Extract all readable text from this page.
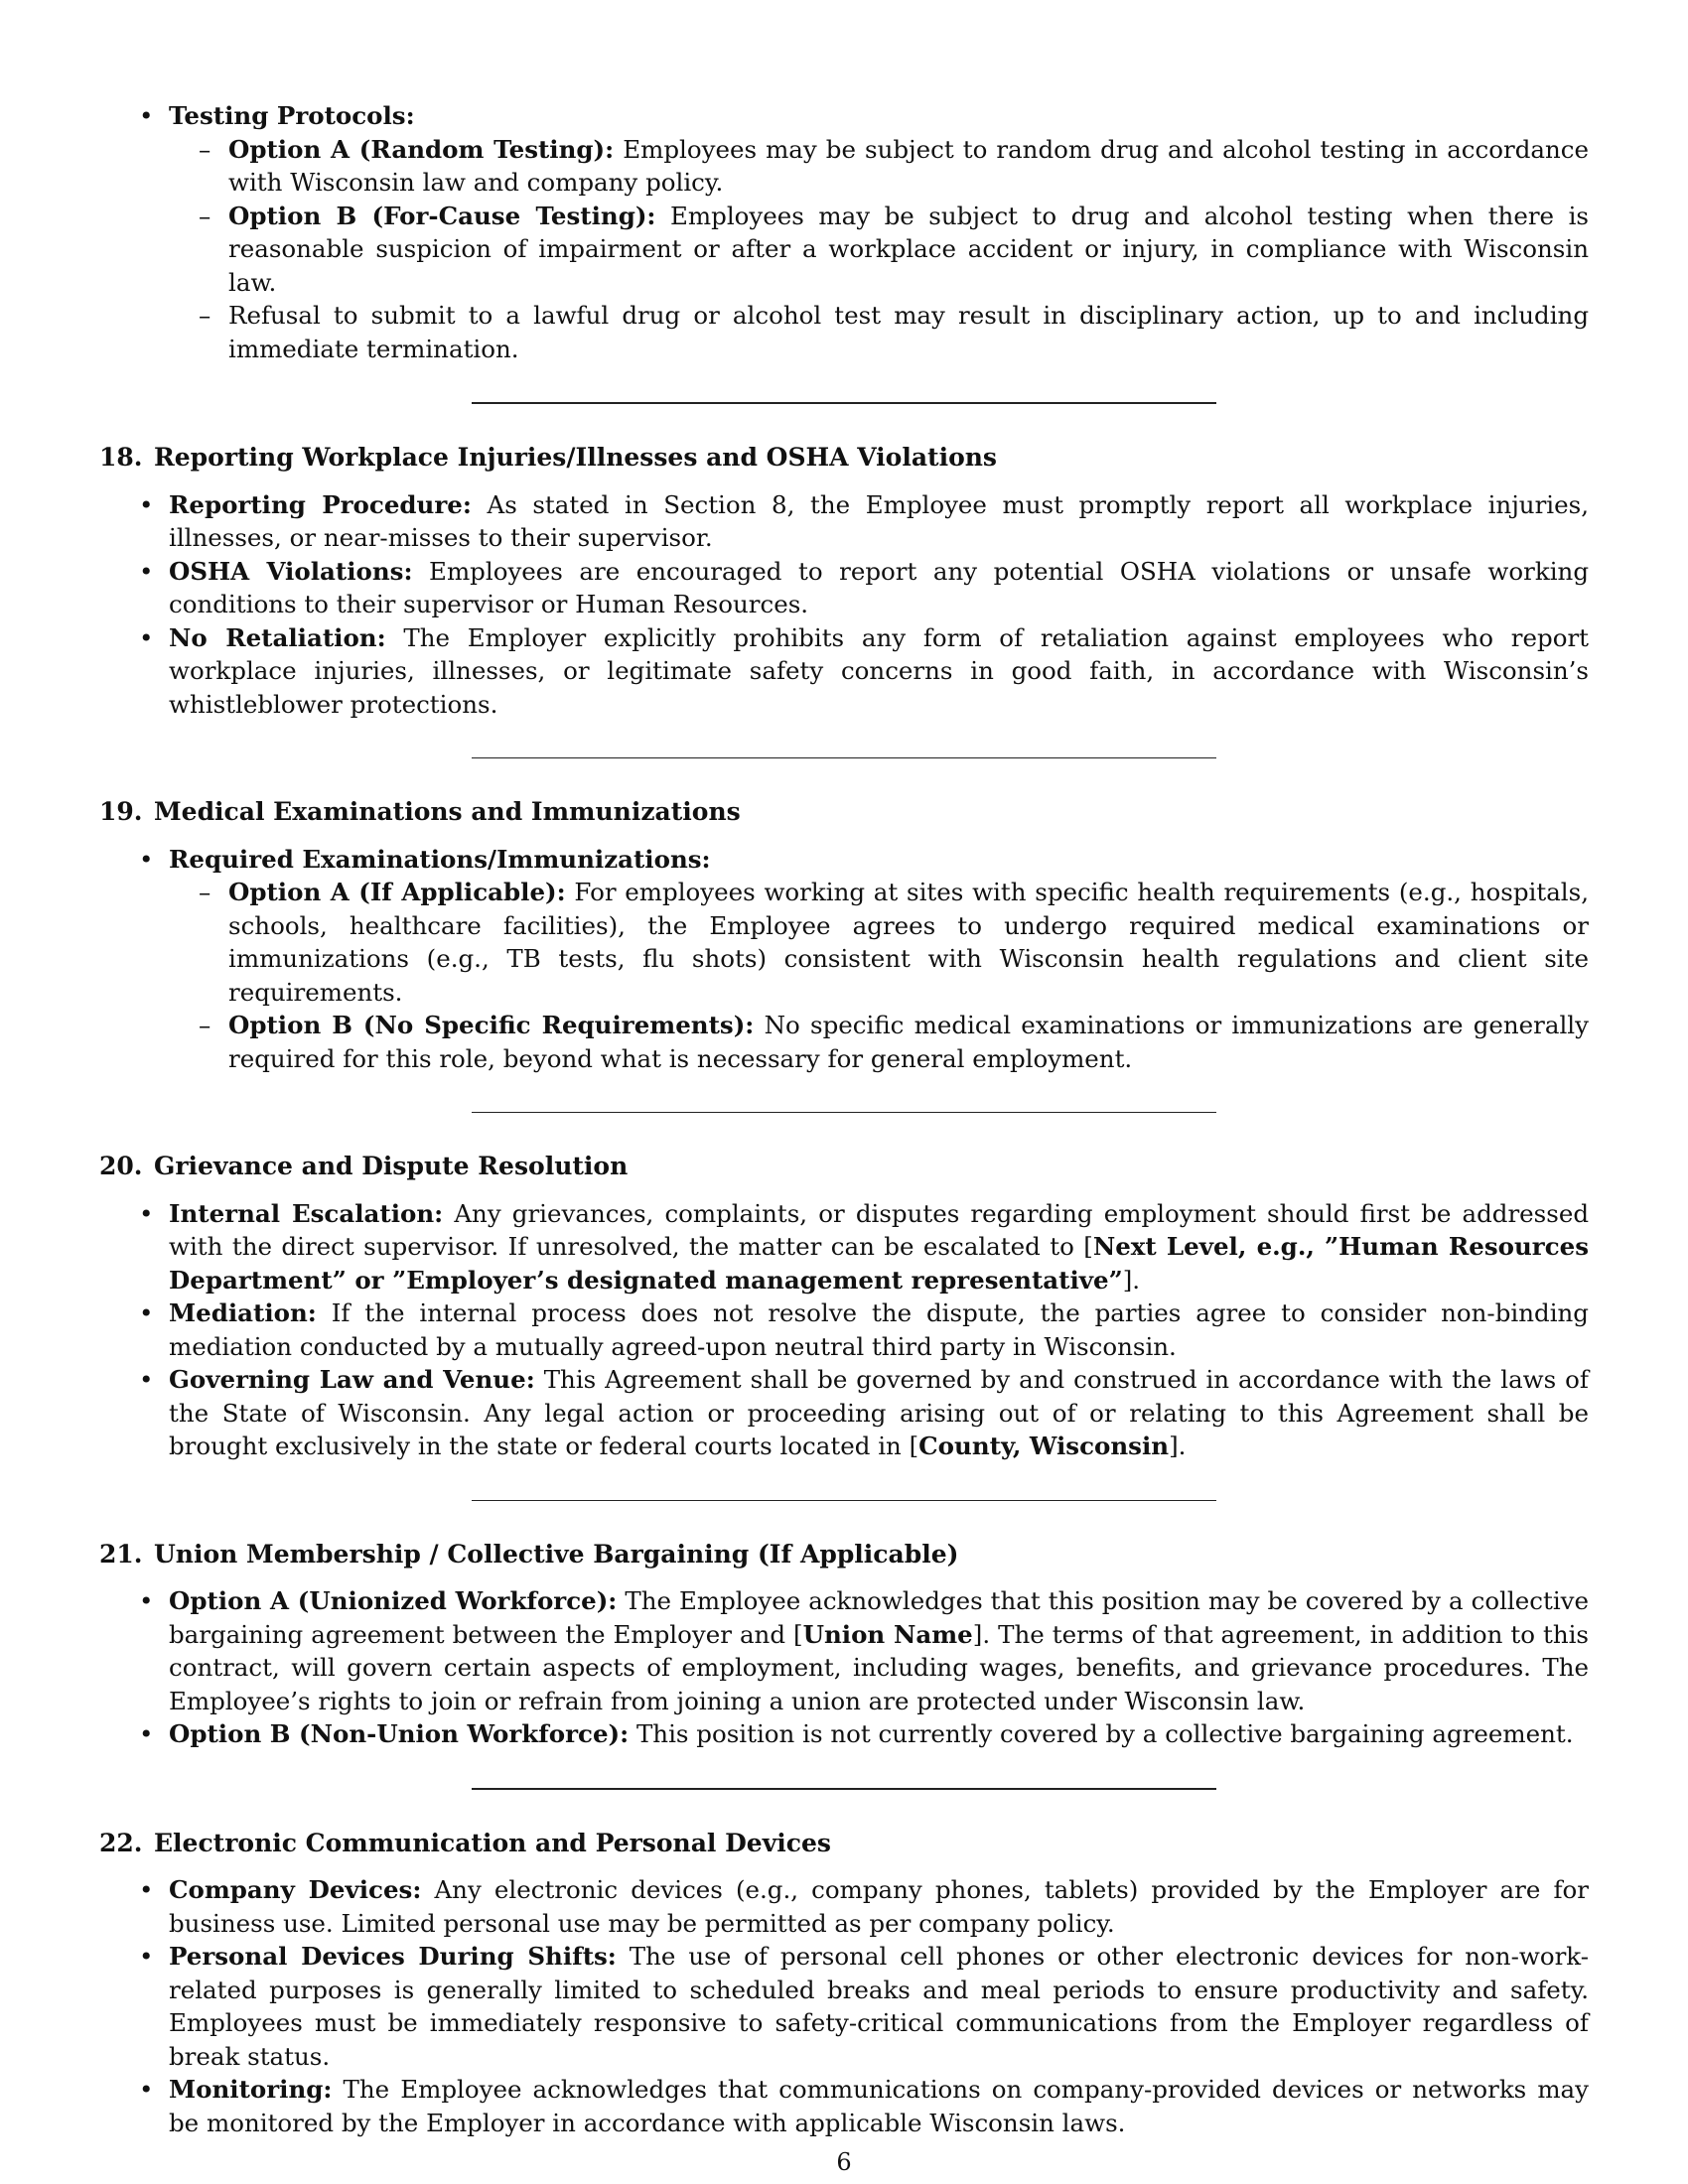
• Testing Protocols:
– Option A (Random Testing): Employees may be subject to random drug and alcohol testing in accordance with Wisconsin law and company policy.
– Option B (For-Cause Testing): Employees may be subject to drug and alcohol testing when there is reasonable suspicion of impairment or after a workplace accident or injury, in compliance with Wisconsin law.
– Refusal to submit to a lawful drug or alcohol test may result in disciplinary action, up to and including immediate termination.
18. Reporting Workplace Injuries/Illnesses and OSHA Violations
• Reporting Procedure: As stated in Section 8, the Employee must promptly report all workplace injuries, illnesses, or near-misses to their supervisor.
• OSHA Violations: Employees are encouraged to report any potential OSHA violations or unsafe working conditions to their supervisor or Human Resources.
• No Retaliation: The Employer explicitly prohibits any form of retaliation against employees who report workplace injuries, illnesses, or legitimate safety concerns in good faith, in accordance with Wisconsin’s whistleblower protections.
19. Medical Examinations and Immunizations
• Required Examinations/Immunizations:
– Option A (If Applicable): For employees working at sites with specific health requirements (e.g., hospitals, schools, healthcare facilities), the Employee agrees to undergo required medical examinations or immunizations (e.g., TB tests, flu shots) consistent with Wisconsin health regulations and client site requirements.
– Option B (No Specific Requirements): No specific medical examinations or immunizations are generally required for this role, beyond what is necessary for general employment.
20. Grievance and Dispute Resolution
• Internal Escalation: Any grievances, complaints, or disputes regarding employment should first be addressed with the direct supervisor. If unresolved, the matter can be escalated to [Next Level, e.g., ”Human Resources Department” or ”Employer’s designated management representative”].
• Mediation: If the internal process does not resolve the dispute, the parties agree to consider non-binding mediation conducted by a mutually agreed-upon neutral third party in Wisconsin.
• Governing Law and Venue: This Agreement shall be governed by and construed in accordance with the laws of the State of Wisconsin. Any legal action or proceeding arising out of or relating to this Agreement shall be brought exclusively in the state or federal courts located in [County, Wisconsin].
21. Union Membership / Collective Bargaining (If Applicable)
• Option A (Unionized Workforce): The Employee acknowledges that this position may be covered by a collective bargaining agreement between the Employer and [Union Name]. The terms of that agreement, in addition to this contract, will govern certain aspects of employment, including wages, benefits, and grievance procedures. The Employee’s rights to join or refrain from joining a union are protected under Wisconsin law.
• Option B (Non-Union Workforce): This position is not currently covered by a collective bargaining agreement.
22. Electronic Communication and Personal Devices
• Company Devices: Any electronic devices (e.g., company phones, tablets) provided by the Employer are for business use. Limited personal use may be permitted as per company policy.
• Personal Devices During Shifts: The use of personal cell phones or other electronic devices for non-work-related purposes is generally limited to scheduled breaks and meal periods to ensure productivity and safety. Employees must be immediately responsive to safety-critical communications from the Employer regardless of break status.
• Monitoring: The Employee acknowledges that communications on company-provided devices or networks may be monitored by the Employer in accordance with applicable Wisconsin laws.
6
